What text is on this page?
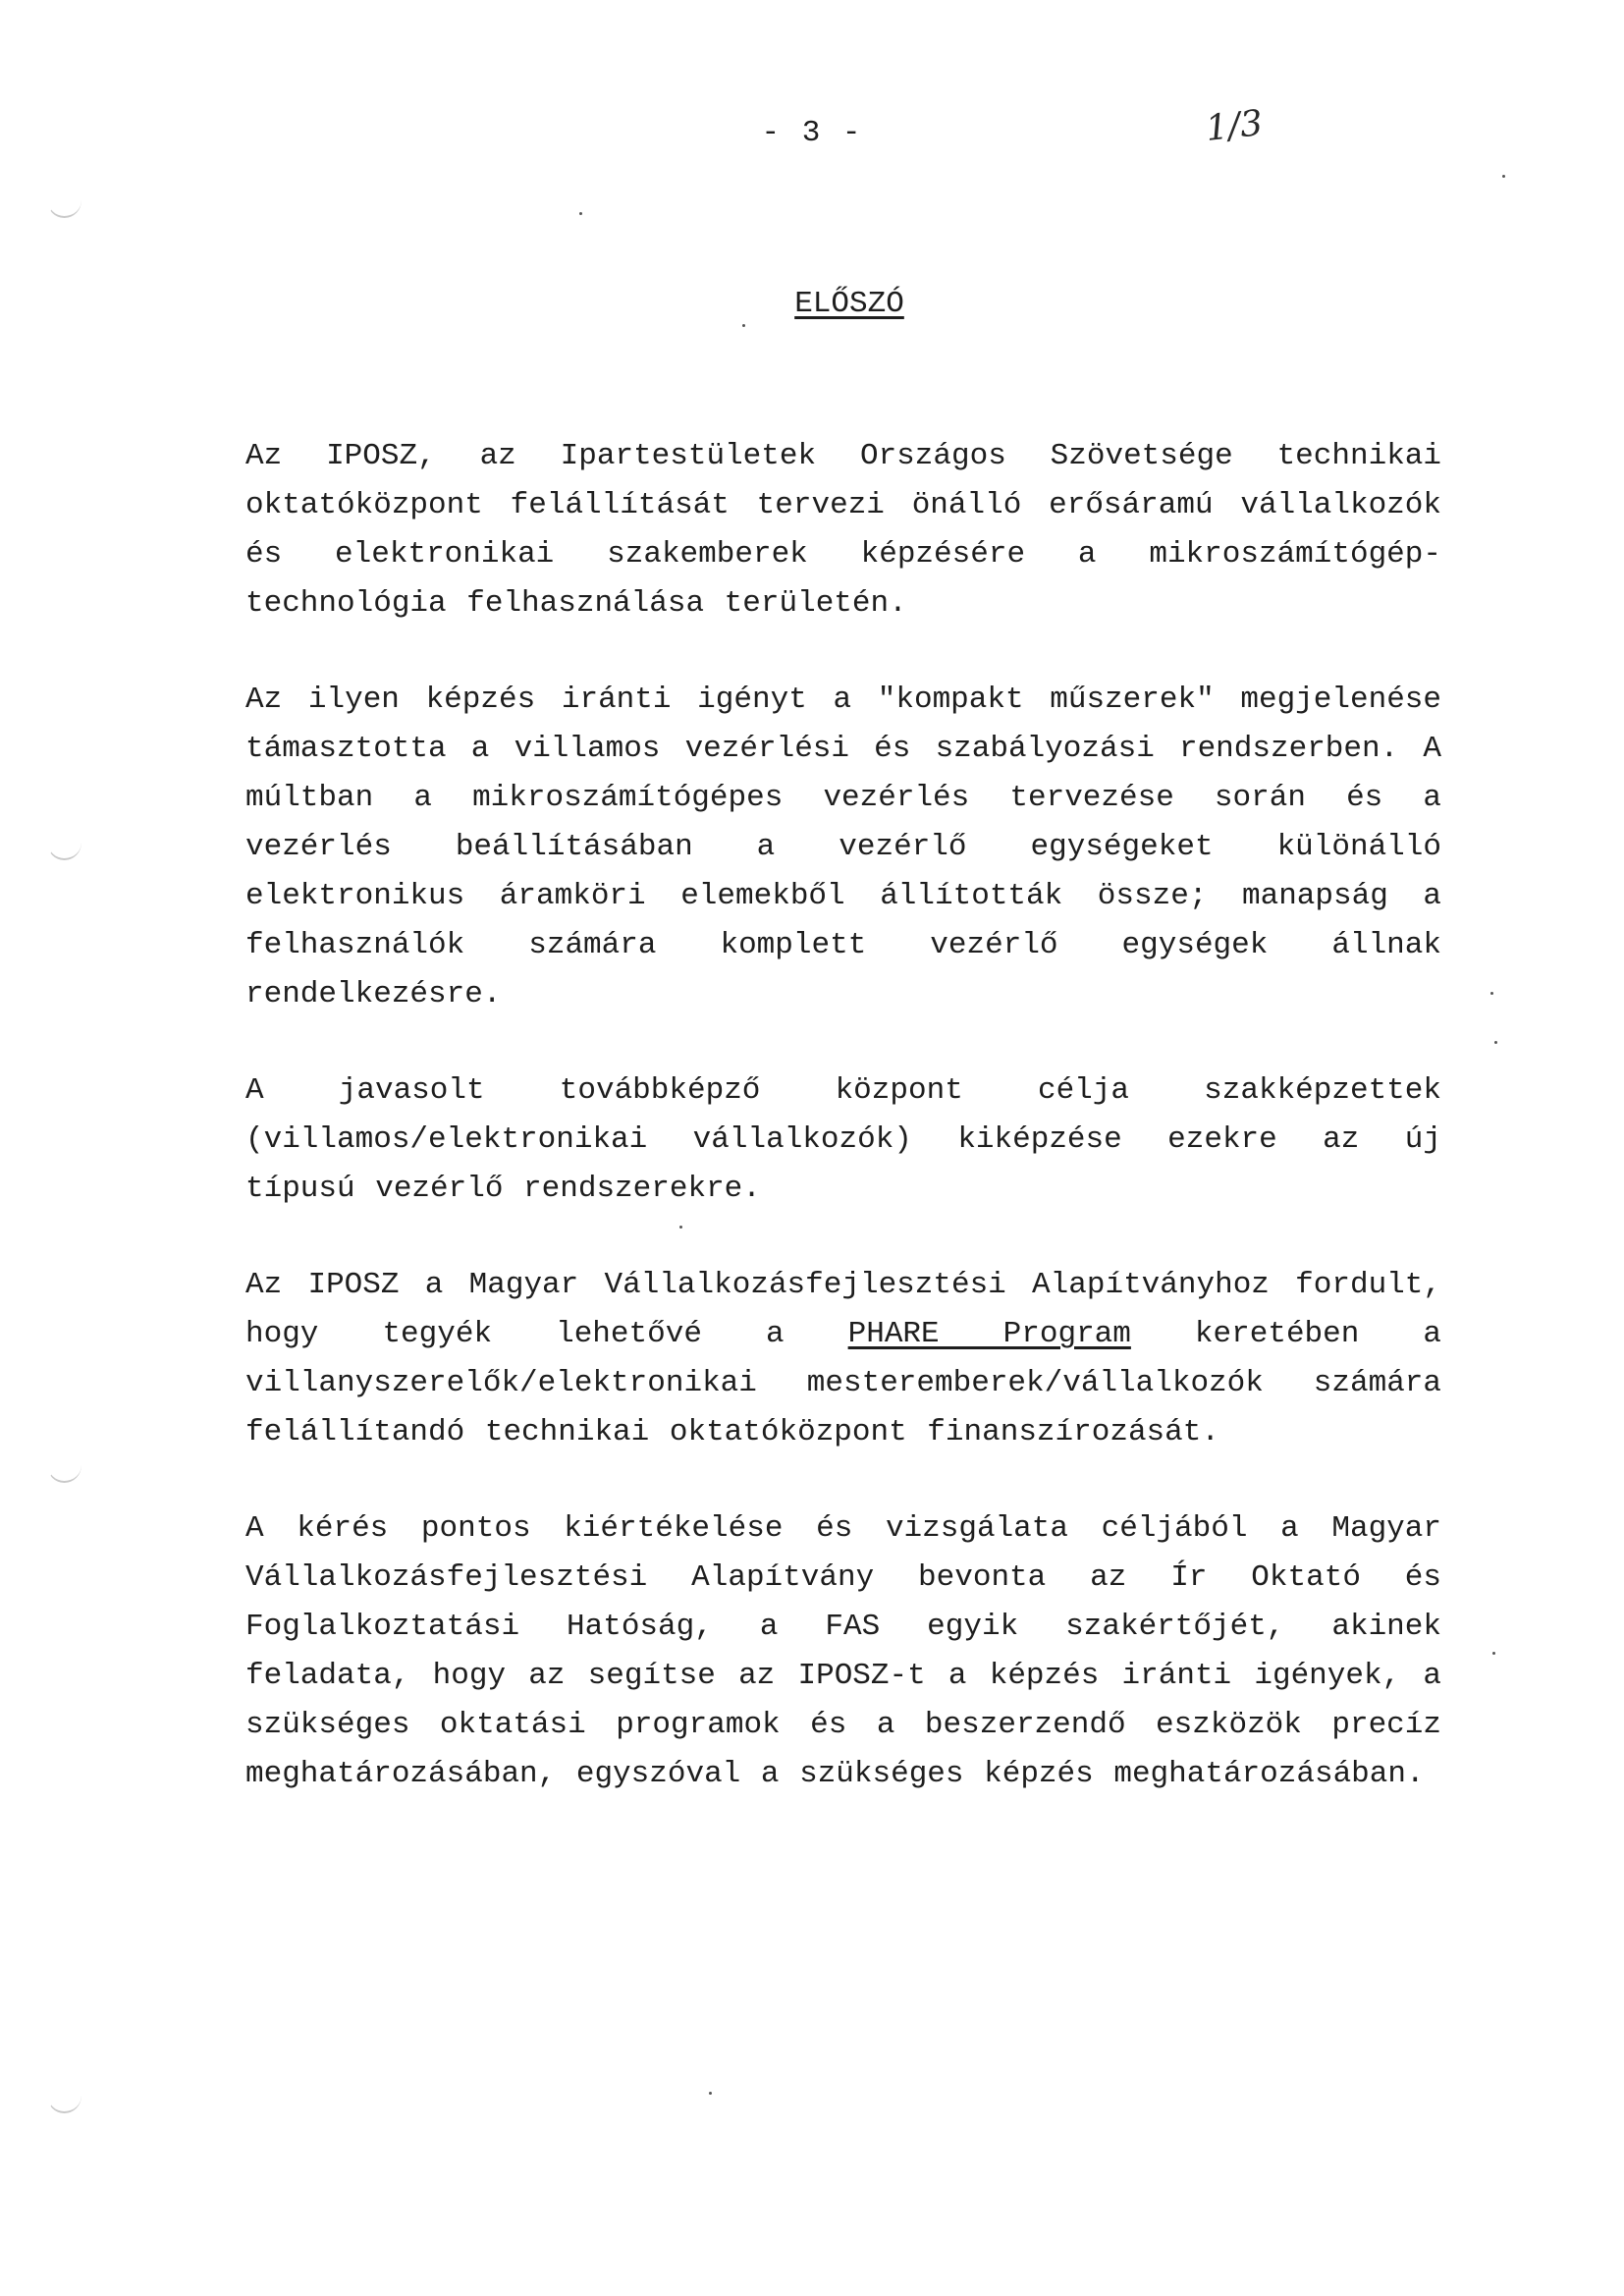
- 3 -	1/3
ELŐSZÓ

Az IPOSZ, az Ipartestületek Országos Szövetsége technikai oktatóközpont felállítását tervezi önálló erősáramú vállalkozók és elektronikai szakemberek képzésére a mikroszámítógép-technológia felhasználása területén.

Az ilyen képzés iránti igényt a "kompakt műszerek" megjelenése támasztotta a villamos vezérlési és szabályozási rendszerben. A múltban a mikroszámítógépes vezérlés tervezése során és a vezérlés beállításában a vezérlő egységeket különálló elektronikus áramköri elemekből állították össze; manapság a felhasználók számára komplett vezérlő egységek állnak rendelkezésre.

A javasolt továbbképző központ célja szakképzettek (villamos/elektronikai vállalkozók) kiképzése ezekre az új típusú vezérlő rendszerekre.

Az IPOSZ a Magyar Vállalkozásfejlesztési Alapítványhoz fordult, hogy tegyék lehetővé a PHARE Program keretében a villanyszerelők/elektronikai mesteremberek/vállalkozók számára felállítandó technikai oktatóközpont finanszírozását.

A kérés pontos kiértékelése és vizsgálata céljából a Magyar Vállalkozásfejlesztési Alapítvány bevonta az Ír Oktató és Foglalkoztatási Hatóság, a FAS egyik szakértőjét, akinek feladata, hogy az segítse az IPOSZ-t a képzés iránti igények, a szükséges oktatási programok és a beszerzendő eszközök precíz meghatározásában, egyszóval a szükséges képzés meghatározásában.
